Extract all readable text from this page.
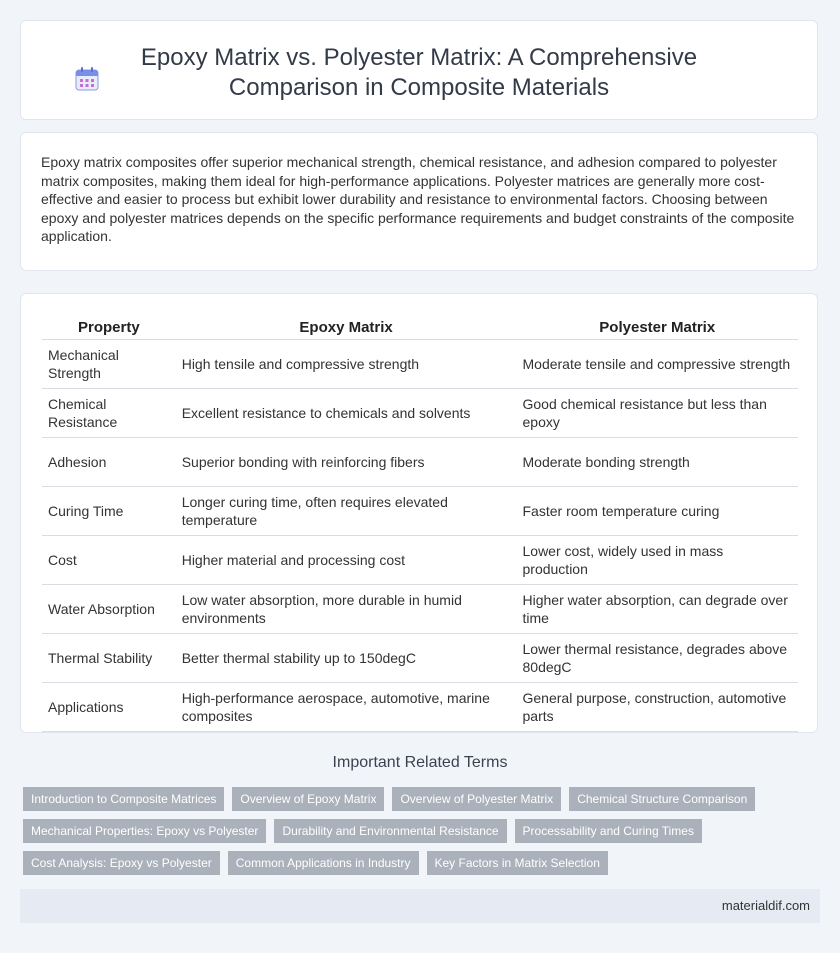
Epoxy Matrix vs. Polyester Matrix: A Comprehensive Comparison in Composite Materials

Epoxy matrix composites offer superior mechanical strength, chemical resistance, and adhesion compared to polyester matrix composites, making them ideal for high-performance applications. Polyester matrices are generally more cost-effective and easier to process but exhibit lower durability and resistance to environmental factors. Choosing between epoxy and polyester matrices depends on the specific performance requirements and budget constraints of the composite application.

Property	Epoxy Matrix	Polyester Matrix
Mechanical Strength	High tensile and compressive strength	Moderate tensile and compressive strength
Chemical Resistance	Excellent resistance to chemicals and solvents	Good chemical resistance but less than epoxy
Adhesion	Superior bonding with reinforcing fibers	Moderate bonding strength
Curing Time	Longer curing time, often requires elevated temperature	Faster room temperature curing
Cost	Higher material and processing cost	Lower cost, widely used in mass production
Water Absorption	Low water absorption, more durable in humid environments	Higher water absorption, can degrade over time
Thermal Stability	Better thermal stability up to 150degC	Lower thermal resistance, degrades above 80degC
Applications	High-performance aerospace, automotive, marine composites	General purpose, construction, automotive parts
Important Related Terms
Introduction to Composite Matrices	Overview of Epoxy Matrix	Overview of Polyester Matrix	Chemical Structure Comparison
Mechanical Properties: Epoxy vs Polyester	Durability and Environmental Resistance	Processability and Curing Times
Cost Analysis: Epoxy vs Polyester	Common Applications in Industry	Key Factors in Matrix Selection
materialdif.com
